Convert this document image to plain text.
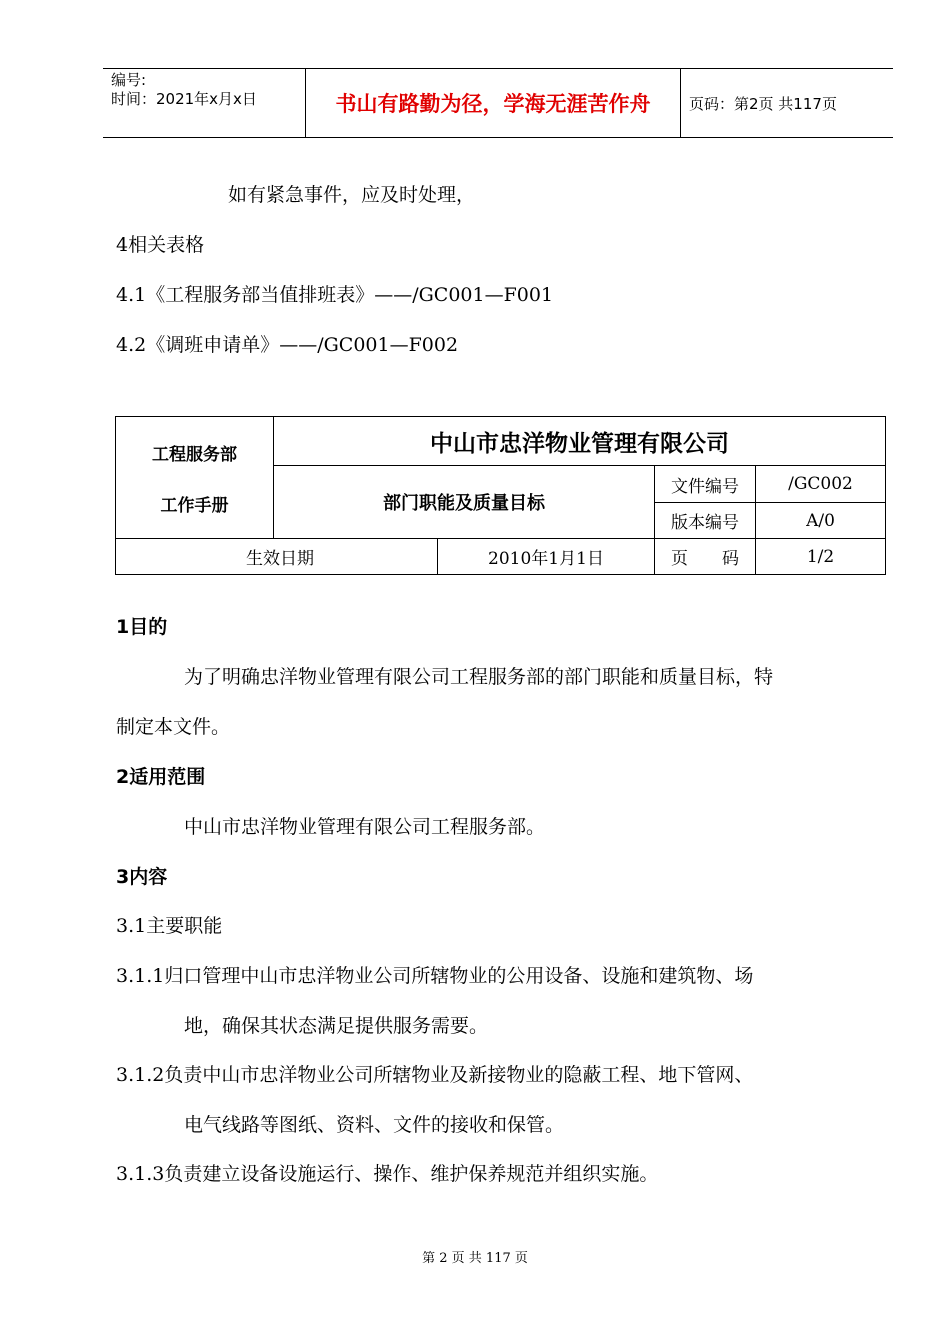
编号:
时间：2021年x月x日	书山有路勤为径，学海无涯苦作舟	页码：第2页 共117页
如有紧急事件，应及时处理，
4相关表格
4.1《工程服务部当值排班表》——/GC001—F001
4.2《调班申请单》——/GC001—F002
工程服务部
工作手册	中山市忠洋物业管理有限公司			
	部门职能及质量目标		文件编号	/GC002
			版本编号	A/0
生效日期		2010年1月1日	页　　码	1/2
1目的
为了明确忠洋物业管理有限公司工程服务部的部门职能和质量目标，特
制定本文件。
2适用范围
中山市忠洋物业管理有限公司工程服务部。
3内容
3.1主要职能
3.1.1归口管理中山市忠洋物业公司所辖物业的公用设备、设施和建筑物、场
地，确保其状态满足提供服务需要。
3.1.2负责中山市忠洋物业公司所辖物业及新接物业的隐蔽工程、地下管网、
电气线路等图纸、资料、文件的接收和保管。
3.1.3负责建立设备设施运行、操作、维护保养规范并组织实施。
第 2 页 共 117 页
